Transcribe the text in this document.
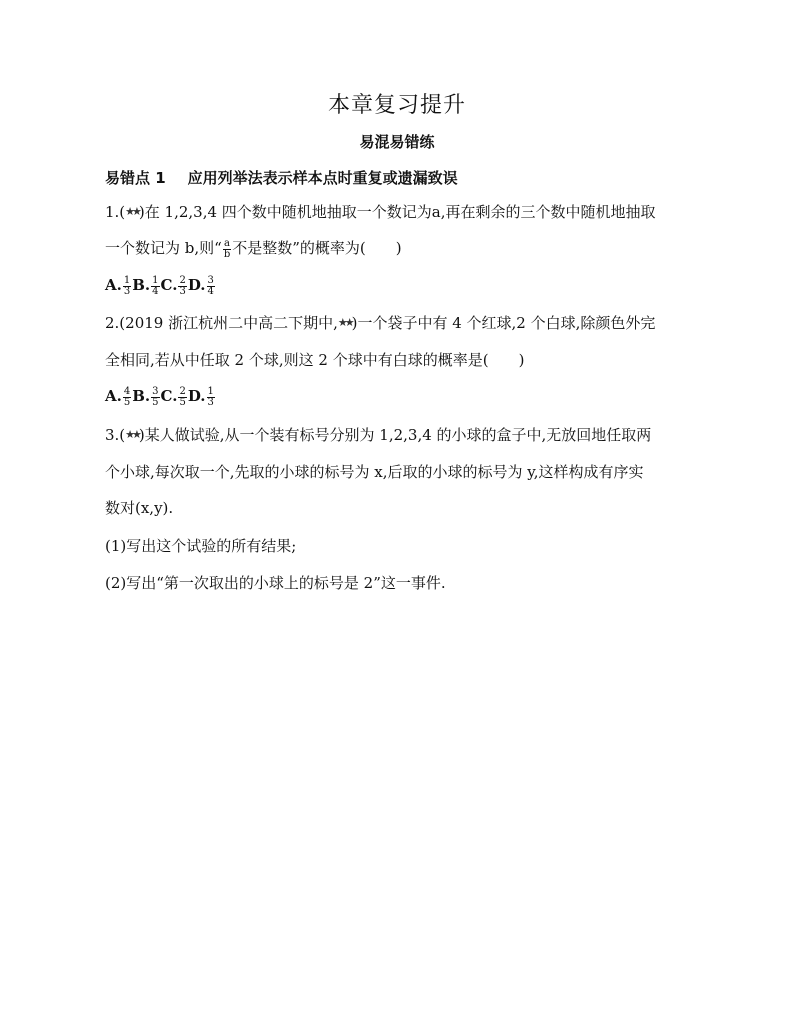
本章复习提升
易混易错练
易错点 1 应用列举法表示样本点时重复或遗漏致误
1.(★★)在 1,2,3,4 四个数中随机地抽取一个数记为a,再在剩余的三个数中随机地抽取
一个数记为 b,则“ $\frac{a}{b}$ 不是整数”的概率为( )
A. $\frac{1}{3} B$. $\frac{1}{4} C$. $\frac{2}{3} D$. $\frac{3}{4}$
2.(2019 浙江杭州二中高二下期中,★★)一个袋子中有 4 个红球,2 个白球,除颜色外完
全相同,若从中任取 2 个球,则这 2 个球中有白球的概率是( )
A. $\frac{4}{5} B$. $\frac{3}{5} C$. $\frac{2}{5} D$. $\frac{1}{3}$
3.(★★)某人做试验,从一个装有标号分别为 1,2,3,4 的小球的盒子中,无放回地任取两
个小球,每次取一个,先取的小球的标号为 x,后取的小球的标号为 y,这样构成有序实
数对(x,y).
(1)写出这个试验的所有结果;
(2)写出“第一次取出的小球上的标号是 2”这一事件.
